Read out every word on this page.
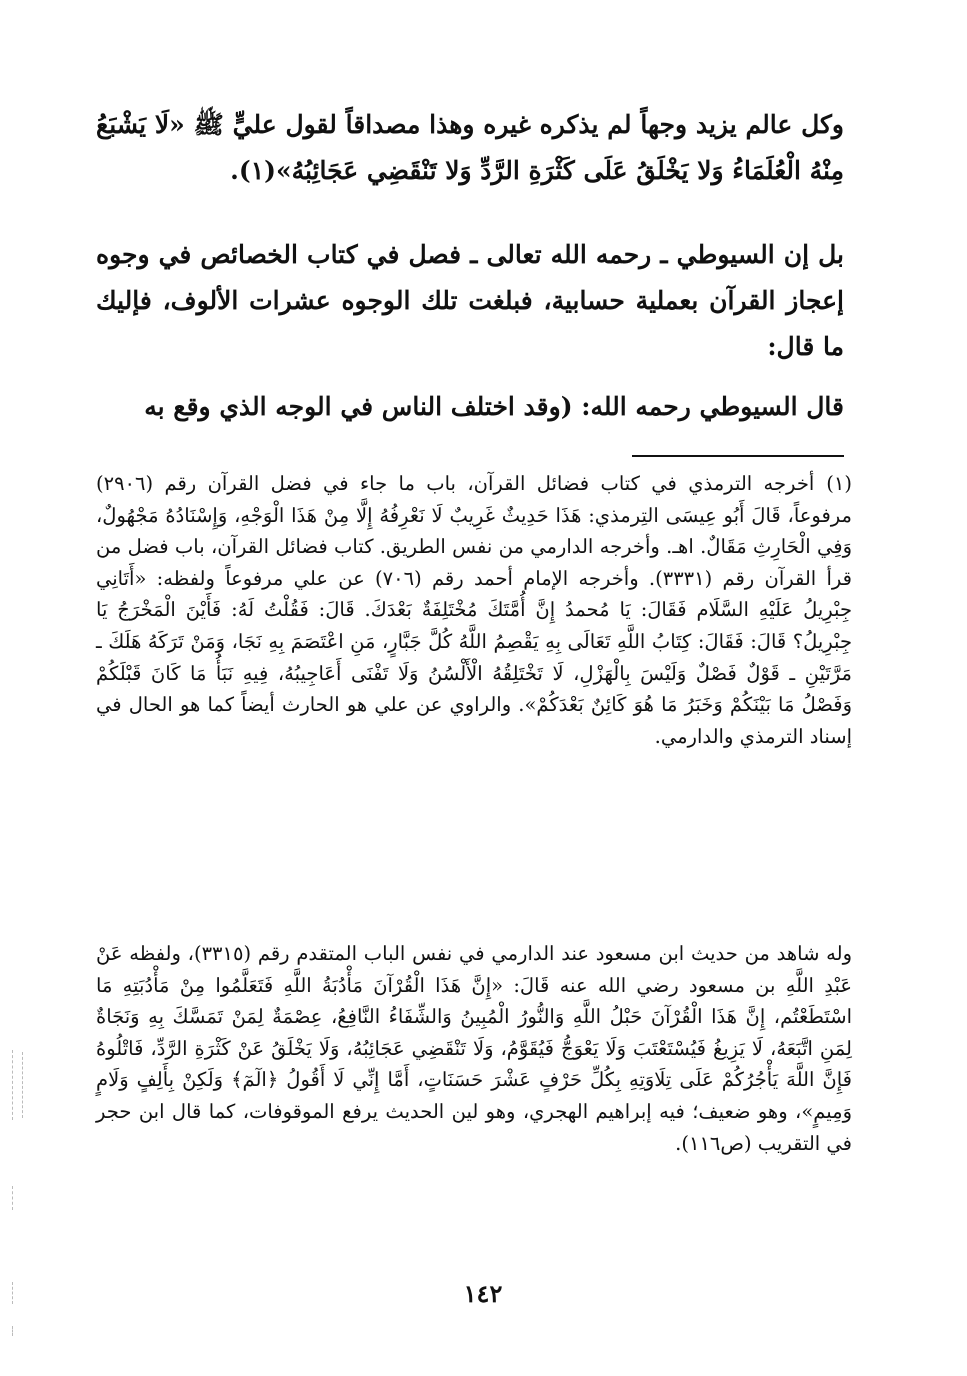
وكل عالم يزيد وجهاً لم يذكره غيره وهذا مصداقاً لقول عليٍّ ﷺ «لَا يَشْبَعُ مِنْهُ الْعُلَمَاءُ وَلا يَخْلَقُ عَلَى كَثْرَةِ الرَّدِّ وَلا تَنْقَضِي عَجَائِبُهُ»(١).

بل إن السيوطي ـ رحمه الله تعالى ـ فصل في كتاب الخصائص في وجوه إعجاز القرآن بعملية حسابية، فبلغت تلك الوجوه عشرات الألوف، فإليك ما قال:

قال السيوطي رحمه الله: (وقد اختلف الناس في الوجه الذي وقع به

(١)أخرجه الترمذي في كتاب فضائل القرآن، باب ما جاء في فضل القرآن رقم (٢٩٠٦) مرفوعاً، قَالَ أَبُو عِيسَى التِرمذي: هَذَا حَدِيثٌ غَرِيبٌ لَا نَعْرِفُهُ إِلَّا مِنْ هَذَا الْوَجْهِ، وَإِسْنَادُهُ مَجْهُولٌ، وَفِي الْحَارِثِ مَقَالٌ. اهـ. وأخرجه الدارمي من نفس الطريق. كتاب فضائل القرآن، باب فضل من قرأ القرآن رقم (٣٣٣١). وأخرجه الإمام أحمد رقم (٧٠٦) عن علي مرفوعاً ولفظه: «أَتَانِي جِبْرِيلُ عَلَيْهِ السَّلَام فَقَالَ: يَا مُحمدُ إِنَّ أُمَّتَكَ مُخْتَلِفَةٌ بَعْدَكَ. قَالَ: فَقُلْتُ لَهُ: فَأَيْنَ الْمَخْرَجُ يَا جِبْرِيلُ؟ قَالَ: فَقَالَ: كِتَابُ اللَّهِ تَعَالَى بِهِ يَقْصِمُ اللَّهُ كُلَّ جَبَّارٍ، مَنِ اعْتَصَمَ بِهِ نَجَا، وَمَنْ تَرَكَهُ هَلَكَ ـ مَرَّتَيْنِ ـ قَوْلٌ فَصْلٌ وَلَيْسَ بِالْهَزْلِ، لَا تَخْتَلِقُهُ الْأَلْسُنُ وَلَا تَفْنَى أَعَاجِيبُهُ، فِيهِ نَبَأُ مَا كَانَ قَبْلَكُمْ وَفَصْلُ مَا بَيْنَكُمْ وَخَبَرُ مَا هُوَ كَائِنٌ بَعْدَكُمْ». والراوي عن علي هو الحارث أيضاً كما هو الحال في إسناد الترمذي والدارمي.
وله شاهد من حديث ابن مسعود عند الدارمي في نفس الباب المتقدم رقم (٣٣١٥)، ولفظه عَنْ عَبْدِ اللَّهِ بن مسعود رضي الله عنه قَالَ: «إِنَّ هَذَا الْقُرْآنَ مَأْدُبَةُ اللَّهِ فَتَعَلَّمُوا مِنْ مَأْدُبَتِهِ مَا اسْتَطَعْتُم، إِنَّ هَذَا الْقُرْآنَ حَبْلُ اللَّهِ وَالنُّورُ الْمُبِينُ وَالشِّفَاءُ النَّافِعُ، عِصْمَةٌ لِمَنْ تَمَسَّكَ بِهِ وَنَجَاةٌ لِمَنِ اتَّبَعَهُ، لَا يَزِيغُ فَيُسْتَعْتَبَ وَلَا يَعْوَجُّ فَيُقَوَّمُ، وَلَا تَنْقَضِي عَجَائِبُهُ، وَلَا يَخْلَقُ عَنْ كَثْرَةِ الرَّدِّ، فَاتْلُوهُ فَإِنَّ اللَّهَ يَأْجُرُكُمْ عَلَى تِلَاوَتِهِ بِكُلِّ حَرْفٍ عَشْرَ حَسَنَاتٍ، أَمَّا إِنِّي لَا أَقُولُ ﴿الٓمٓ﴾ وَلَكِنْ بِأَلِفٍ وَلَامٍ وَمِيمٍ»، وهو ضعيف؛ فيه إبراهيم الهجري، وهو لين الحديث يرفع الموقوفات، كما قال ابن حجر في التقريب (ص١١٦).
١٤٢
